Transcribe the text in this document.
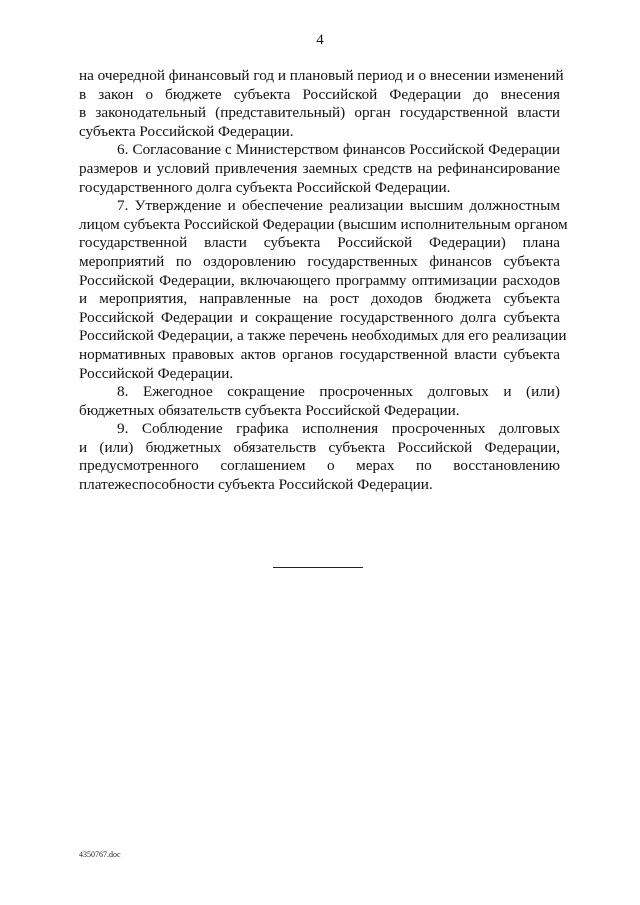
4
на очередной финансовый год и плановый период и о внесении изменений
в закон о бюджете субъекта Российской Федерации до внесения
в законодательный (представительный) орган государственной власти
субъекта Российской Федерации.
6. Согласование с Министерством финансов Российской Федерации
размеров и условий привлечения заемных средств на рефинансирование
государственного долга субъекта Российской Федерации.
7. Утверждение и обеспечение реализации высшим должностным
лицом субъекта Российской Федерации (высшим исполнительным органом
государственной власти субъекта Российской Федерации) плана
мероприятий по оздоровлению государственных финансов субъекта
Российской Федерации, включающего программу оптимизации расходов
и мероприятия, направленные на рост доходов бюджета субъекта
Российской Федерации и сокращение государственного долга субъекта
Российской Федерации, а также перечень необходимых для его реализации
нормативных правовых актов органов государственной власти субъекта
Российской Федерации.
8. Ежегодное сокращение просроченных долговых и (или)
бюджетных обязательств субъекта Российской Федерации.
9. Соблюдение графика исполнения просроченных долговых
и (или) бюджетных обязательств субъекта Российской Федерации,
предусмотренного соглашением о мерах по восстановлению
платежеспособности субъекта Российской Федерации.
4350767.doc
